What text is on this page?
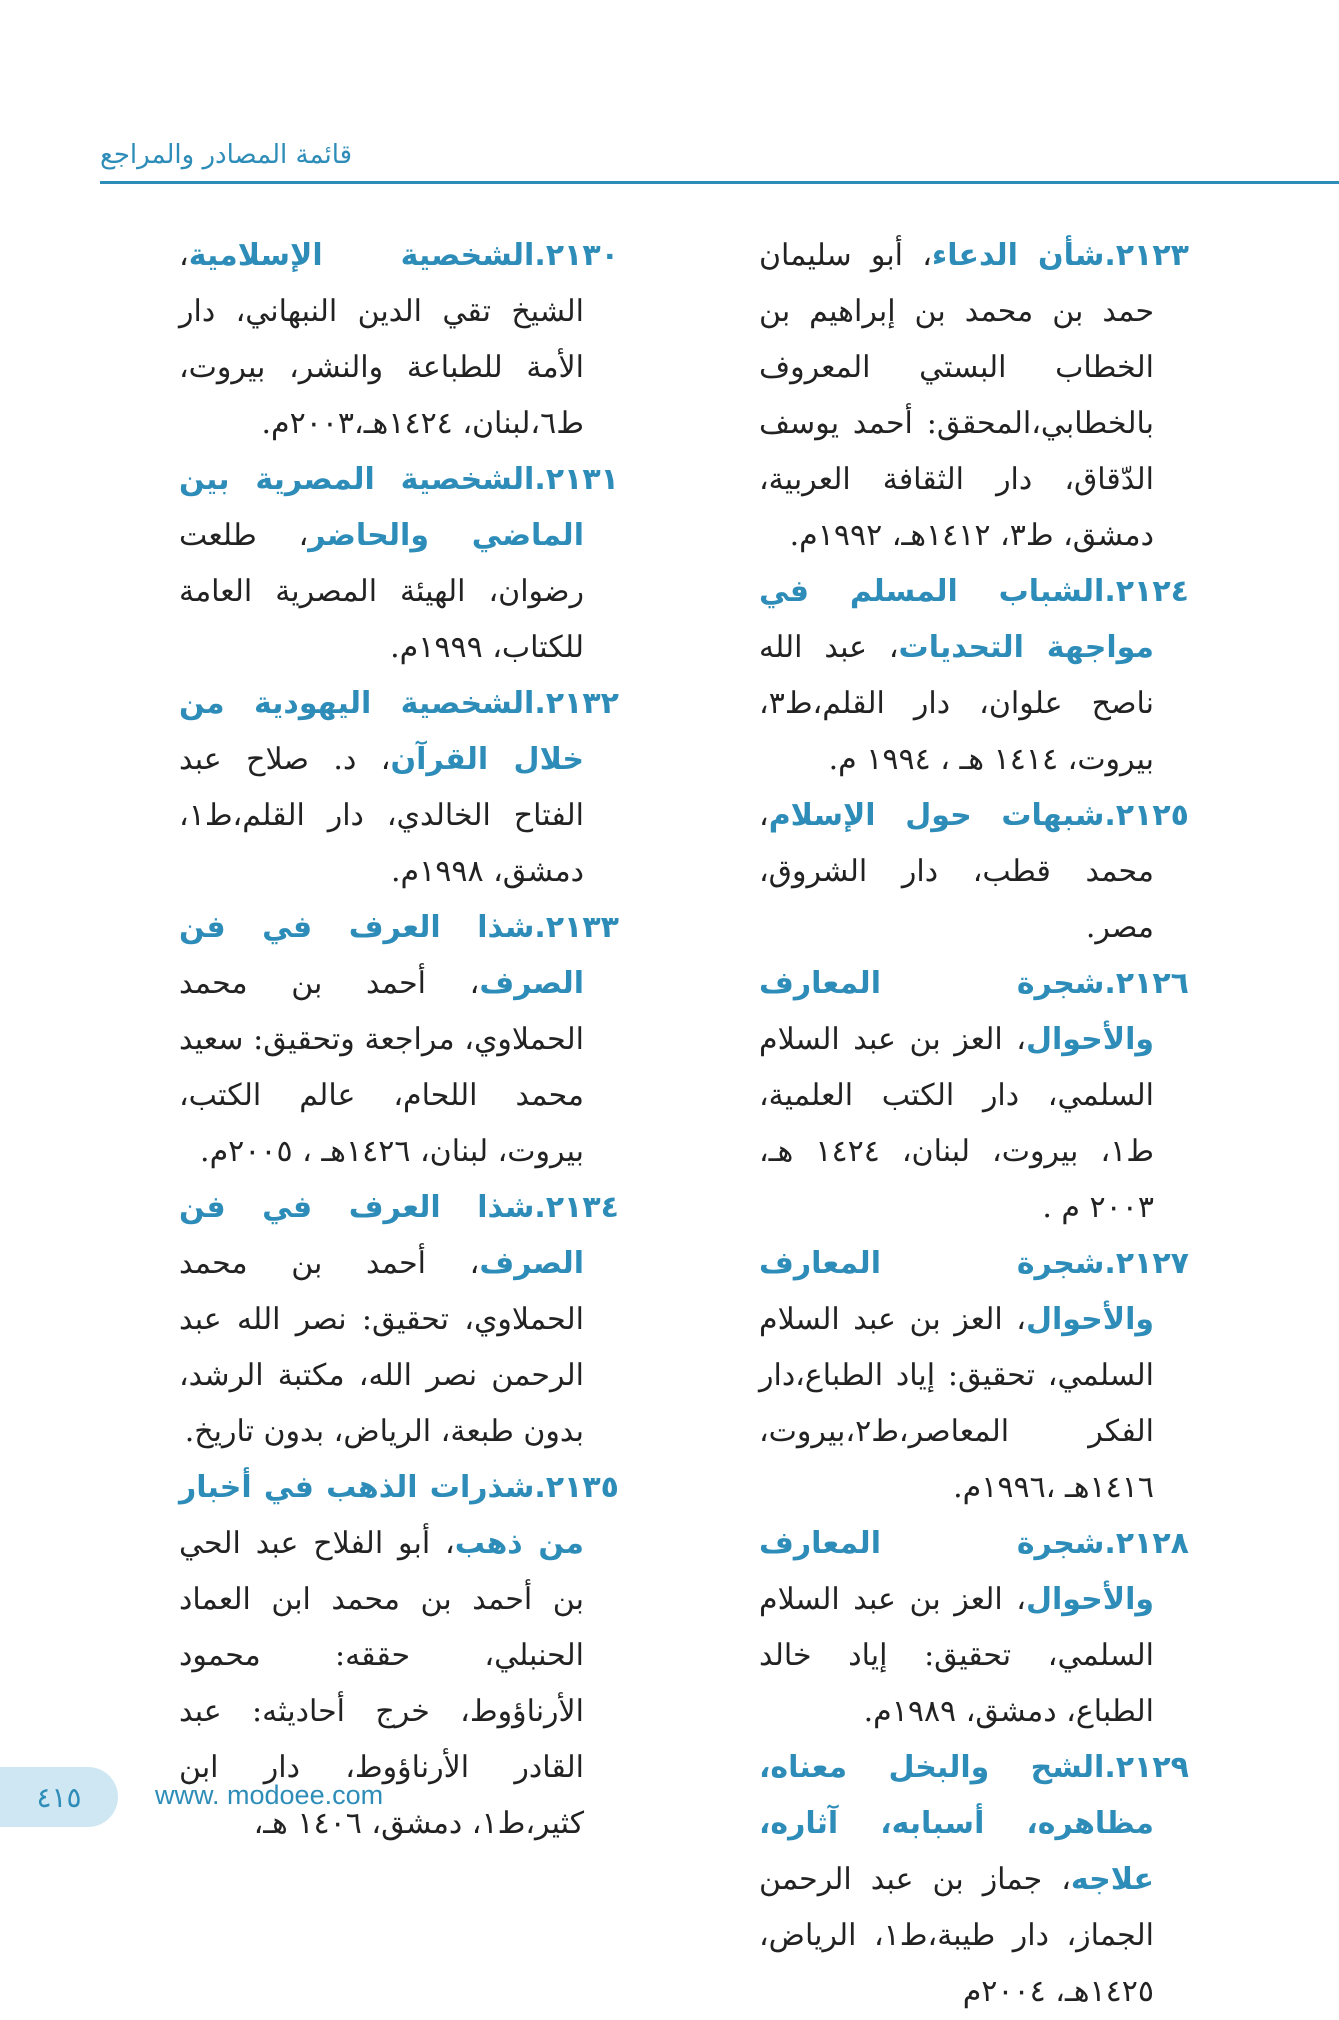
قائمة المصادر والمراجع

٢١٢٣.شأن الدعاء، أبو سليمان حمد بن محمد بن إبراهيم بن الخطاب البستي المعروف بالخطابي،المحقق: أحمد يوسف الدّقاق، دار الثقافة العربية، دمشق، ط٣، ١٤١٢هـ، ١٩٩٢م.

٢١٢٤.الشباب المسلم في مواجهة التحديات، عبد الله ناصح علوان، دار القلم،ط٣، بيروت، ١٤١٤ هـ ، ١٩٩٤ م.

٢١٢٥.شبهات حول الإسلام، محمد قطب، دار الشروق، مصر.

٢١٢٦.شجرة المعارف والأحوال، العز بن عبد السلام السلمي، دار الكتب العلمية، ط١، بيروت، لبنان، ١٤٢٤ هـ، ٢٠٠٣ م .

٢١٢٧.شجرة المعارف والأحوال، العز بن عبد السلام السلمي، تحقيق: إياد الطباع،دار الفكر المعاصر،ط٢،بيروت، ١٤١٦هـ ،١٩٩٦م.

٢١٢٨.شجرة المعارف والأحوال، العز بن عبد السلام السلمي، تحقيق: إياد خالد الطباع، دمشق، ١٩٨٩م.

٢١٢٩.الشح والبخل معناه، مظاهره، أسبابه، آثاره، علاجه، جماز بن عبد الرحمن الجماز، دار طيبة،ط١، الرياض، ١٤٢٥هـ، ٢٠٠٤م

٢١٣٠.الشخصية الإسلامية، الشيخ تقي الدين النبهاني، دار الأمة للطباعة والنشر، بيروت، ط٦،لبنان، ١٤٢٤هـ،٢٠٠٣م.

٢١٣١.الشخصية المصرية بين الماضي والحاضر، طلعت رضوان، الهيئة المصرية العامة للكتاب، ١٩٩٩م.

٢١٣٢.الشخصية اليهودية من خلال القرآن، د. صلاح عبد الفتاح الخالدي، دار القلم،ط١، دمشق، ١٩٩٨م.

٢١٣٣.شذا العرف في فن الصرف، أحمد بن محمد الحملاوي، مراجعة وتحقيق: سعيد محمد اللحام، عالم الكتب، بيروت، لبنان، ١٤٢٦هـ ، ٢٠٠٥م.

٢١٣٤.شذا العرف في فن الصرف، أحمد بن محمد الحملاوي، تحقيق: نصر الله عبد الرحمن نصر الله، مكتبة الرشد، بدون طبعة، الرياض، بدون تاريخ.

٢١٣٥.شذرات الذهب في أخبار من ذهب، أبو الفلاح عبد الحي بن أحمد بن محمد ابن العماد الحنبلي، حققه: محمود الأرناؤوط، خرج أحاديثه: عبد القادر الأرناؤوط، دار ابن كثير،ط١، دمشق، ١٤٠٦ هـ،

٤١٥	www. modoee.com
